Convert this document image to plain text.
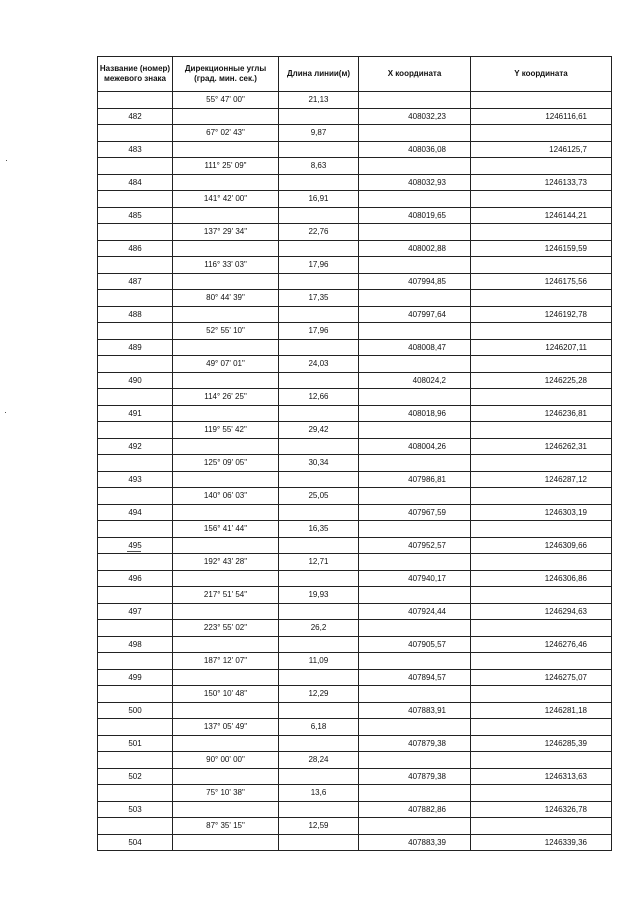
Название (номер) межевого знака	Дирекционные углы (град. мин. сек.)	Длина линии(м)	X координата	Y координата
	55° 47' 00"	21,13		
482			408032,23	1246116,61
	67° 02' 43"	9,87		
483			408036,08	1246125,7
	111° 25' 09"	8,63		
484			408032,93	1246133,73
	141° 42' 00"	16,91		
485			408019,65	1246144,21
	137° 29' 34"	22,76		
486			408002,88	1246159,59
	116° 33' 03"	17,96		
487			407994,85	1246175,56
	80° 44' 39"	17,35		
488			407997,64	1246192,78
	52° 55' 10"	17,96		
489			408008,47	1246207,11
	49° 07' 01"	24,03		
490			408024,2	1246225,28
	114° 26' 25"	12,66		
491			408018,96	1246236,81
	119° 55' 42"	29,42		
492			408004,26	1246262,31
	125° 09' 05"	30,34		
493			407986,81	1246287,12
	140° 06' 03"	25,05		
494			407967,59	1246303,19
	156° 41' 44"	16,35		
495			407952,57	1246309,66
	192° 43' 28"	12,71		
496			407940,17	1246306,86
	217° 51' 54"	19,93		
497			407924,44	1246294,63
	223° 55' 02"	26,2		
498			407905,57	1246276,46
	187° 12' 07"	11,09		
499			407894,57	1246275,07
	150° 10' 48"	12,29		
500			407883,91	1246281,18
	137° 05' 49"	6,18		
501			407879,38	1246285,39
	90° 00' 00"	28,24		
502			407879,38	1246313,63
	75° 10' 38"	13,6		
503			407882,86	1246326,78
	87° 35' 15"	12,59		
504			407883,39	1246339,36
